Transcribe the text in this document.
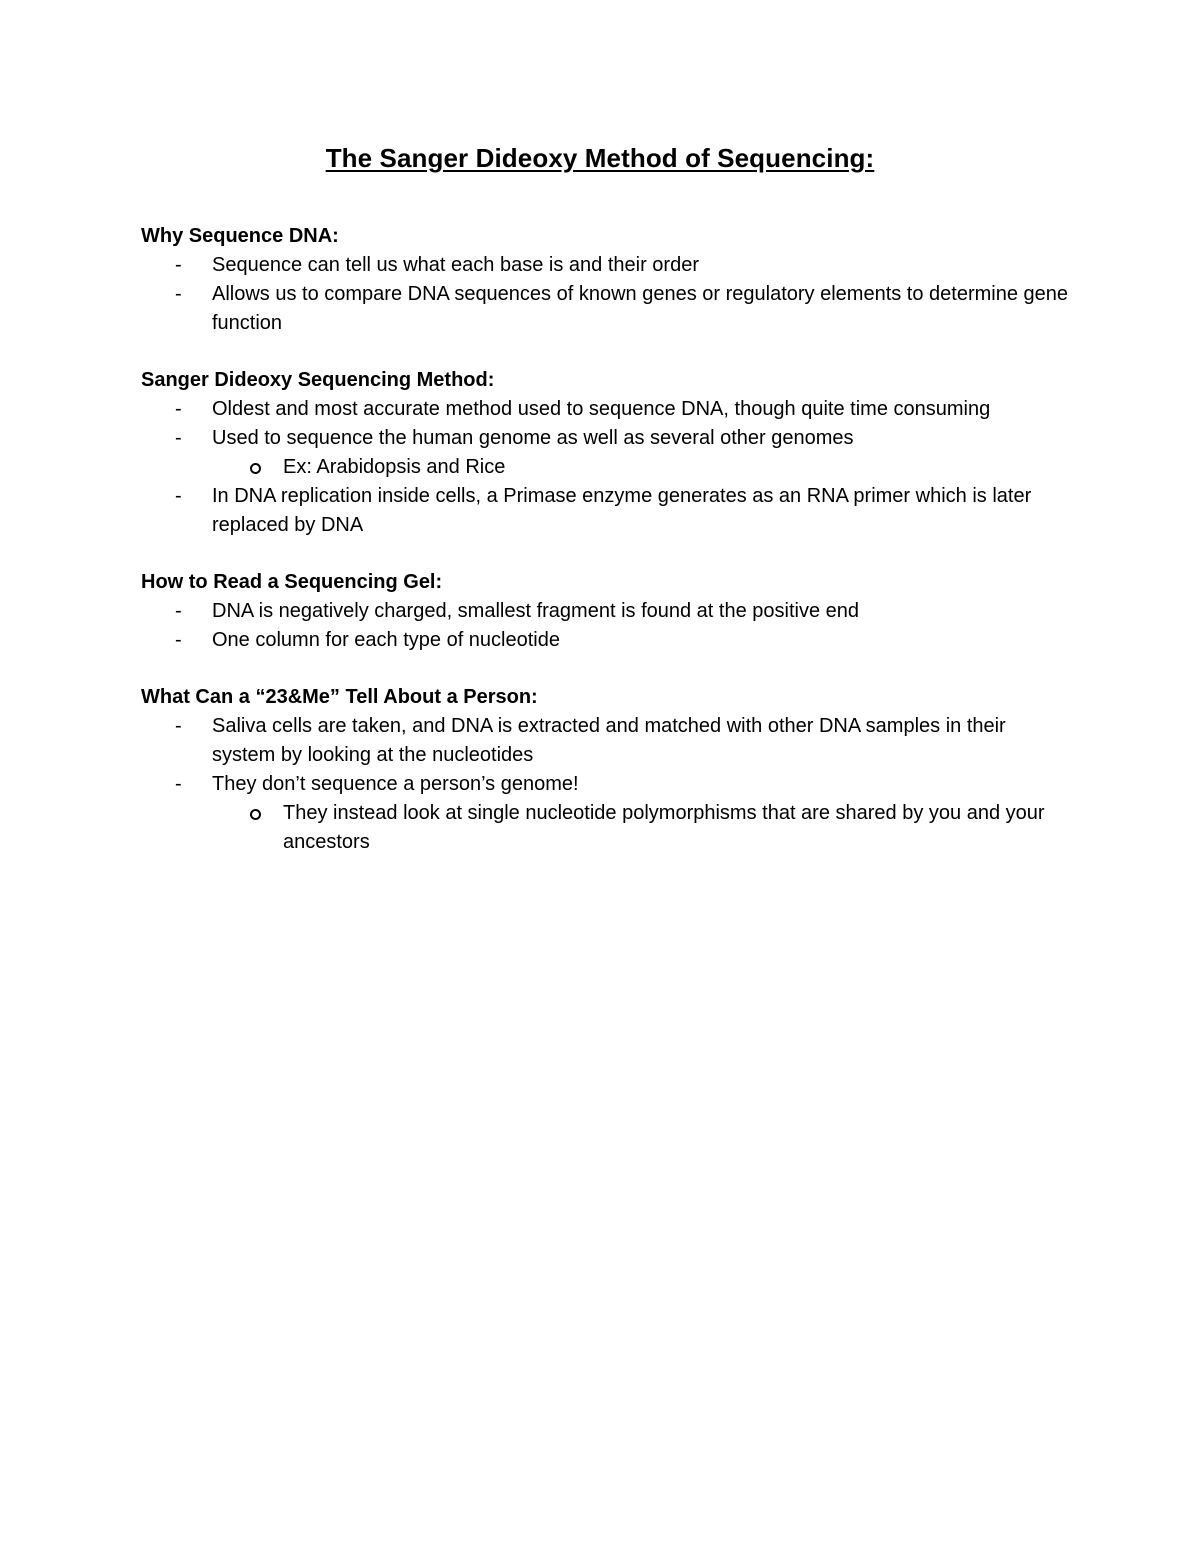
The Sanger Dideoxy Method of Sequencing:

Why Sequence DNA:

- Sequence can tell us what each base is and their order
- Allows us to compare DNA sequences of known genes or regulatory elements to determine gene function

Sanger Dideoxy Sequencing Method:

- Oldest and most accurate method used to sequence DNA, though quite time consuming
- Used to sequence the human genome as well as several other genomes
Ex: Arabidopsis and Rice
- In DNA replication inside cells, a Primase enzyme generates as an RNA primer which is later replaced by DNA

How to Read a Sequencing Gel:

- DNA is negatively charged, smallest fragment is found at the positive end
- One column for each type of nucleotide

What Can a “23&Me” Tell About a Person:

- Saliva cells are taken, and DNA is extracted and matched with other DNA samples in their system by looking at the nucleotides
- They don’t sequence a person’s genome!
They instead look at single nucleotide polymorphisms that are shared by you and your ancestors
